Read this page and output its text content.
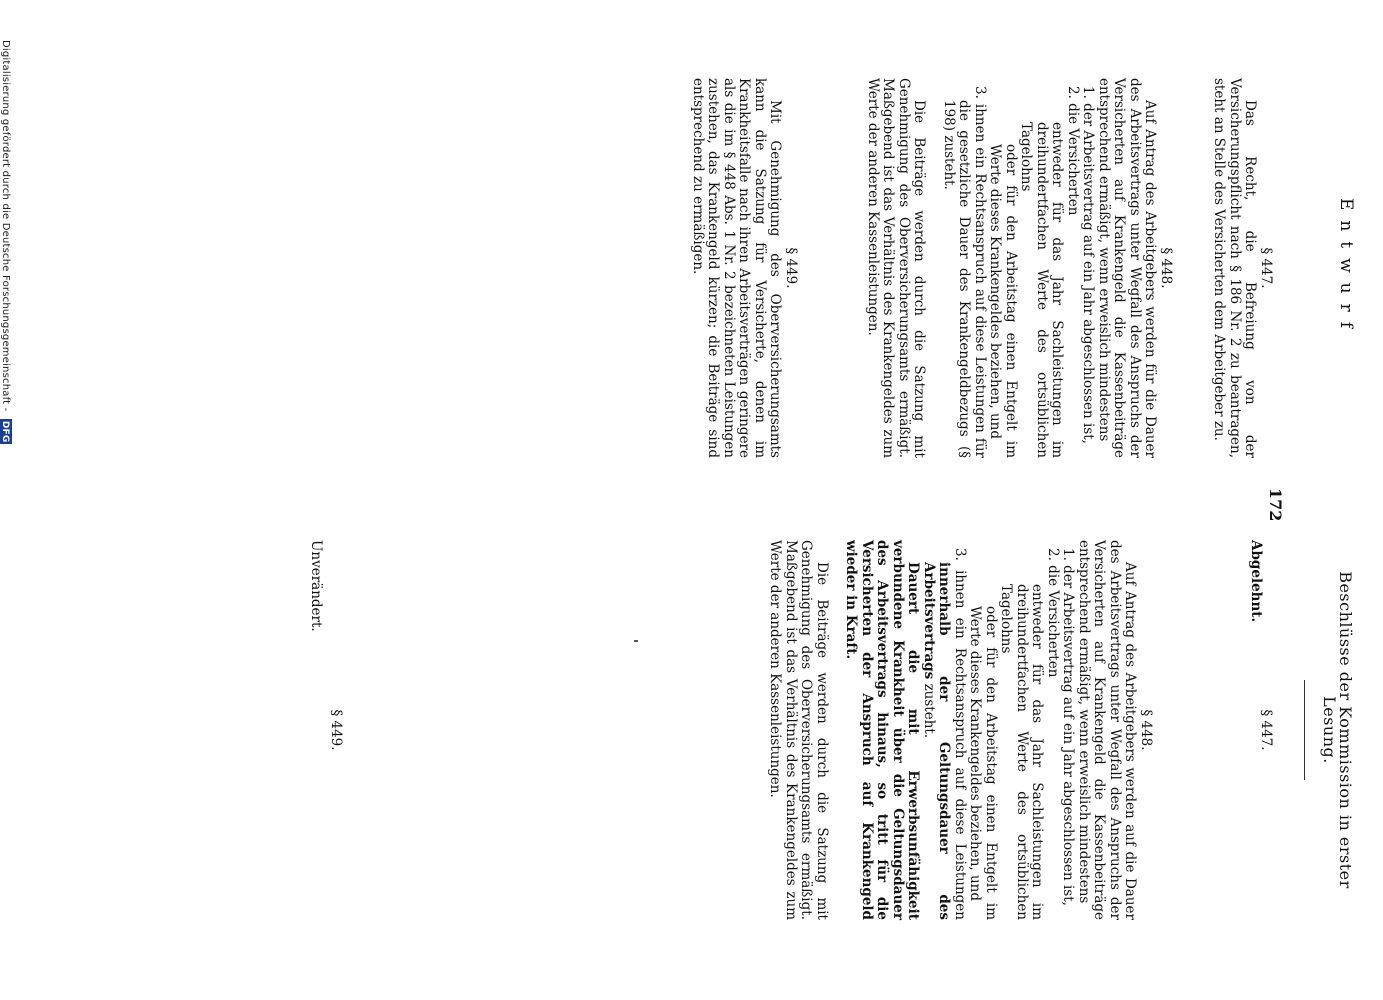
172
Entwurf

§ 447.

Das Recht, die Befreiung von der Versicherungspflicht nach § 186 Nr. 2 zu beantragen, steht an Stelle des Versicherten dem Arbeitgeber zu.

§ 448.

Auf Antrag des Arbeitgebers werden für die Dauer des Arbeitsvertrags unter Wegfall des Anspruchs der Versicherten auf Krankengeld die Kassenbeiträge entsprechend ermäßigt, wenn erweislich mindestens

1. der Arbeitsvertrag auf ein Jahr abgeschlossen ist,

2. die Versicherten

entweder für das Jahr Sachleistungen im dreihundertfachen Werte des ortsüblichen Tagelohns

oder für den Arbeitstag einen Entgelt im Werte dieses Krankengeldes beziehen, und

3. ihnen ein Rechtsanspruch auf diese Leistungen für die gesetzliche Dauer des Krankengeldbezugs (§ 198) zusteht.

Die Beiträge werden durch die Satzung mit Genehmigung des Oberversicherungsamts ermäßigt. Maßgebend ist das Verhältnis des Krankengeldes zum Werte der anderen Kassenleistungen.

§ 449.

Mit Genehmigung des Oberversicherungsamts kann die Satzung für Versicherte, denen im Krankheitsfalle nach ihren Arbeitsverträgen geringere als die im § 448 Abs. 1 Nr. 2 bezeichneten Leistungen zustehen, das Krankengeld kürzen; die Beiträge sind entsprechend zu ermäßigen.

Beschlüsse der Kommission in erster Lesung.
§ 447.
Abgelehnt.

§ 448.

Auf Antrag des Arbeitgebers werden auf die Dauer des Arbeitsvertrags unter Wegfall des Anspruchs der Versicherten auf Krankengeld die Kassenbeiträge entsprechend ermäßigt, wenn erweislich mindestens

1. der Arbeitsvertrag auf ein Jahr abgeschlossen ist,

2. die Versicherten

entweder für das Jahr Sachleistungen im dreihundertfachen Werte des ortsüblichen Tagelohns

oder für den Arbeitstag einen Entgelt im Werte dieses Krankengeldes beziehen, und

3. ihnen ein Rechtsanspruch auf diese Leistungen innerhalb der Geltungsdauer des Arbeitsvertrags zusteht.

Dauert die mit Erwerbsunfähigkeit verbundene Krankheit über die Geltungsdauer des Arbeitsvertrags hinaus, so tritt für die Versicherten der Anspruch auf Krankengeld wieder in Kraft.

Die Beiträge werden durch die Satzung mit Genehmigung des Oberversicherungsamts ermäßigt. Maßgebend ist das Verhältnis des Krankengeldes zum Werte der anderen Kassenleistungen.

§ 449.
Unverändert.
Digitalisierung gefördert durch die Deutsche Forschungsgemeinschaft - DFG
